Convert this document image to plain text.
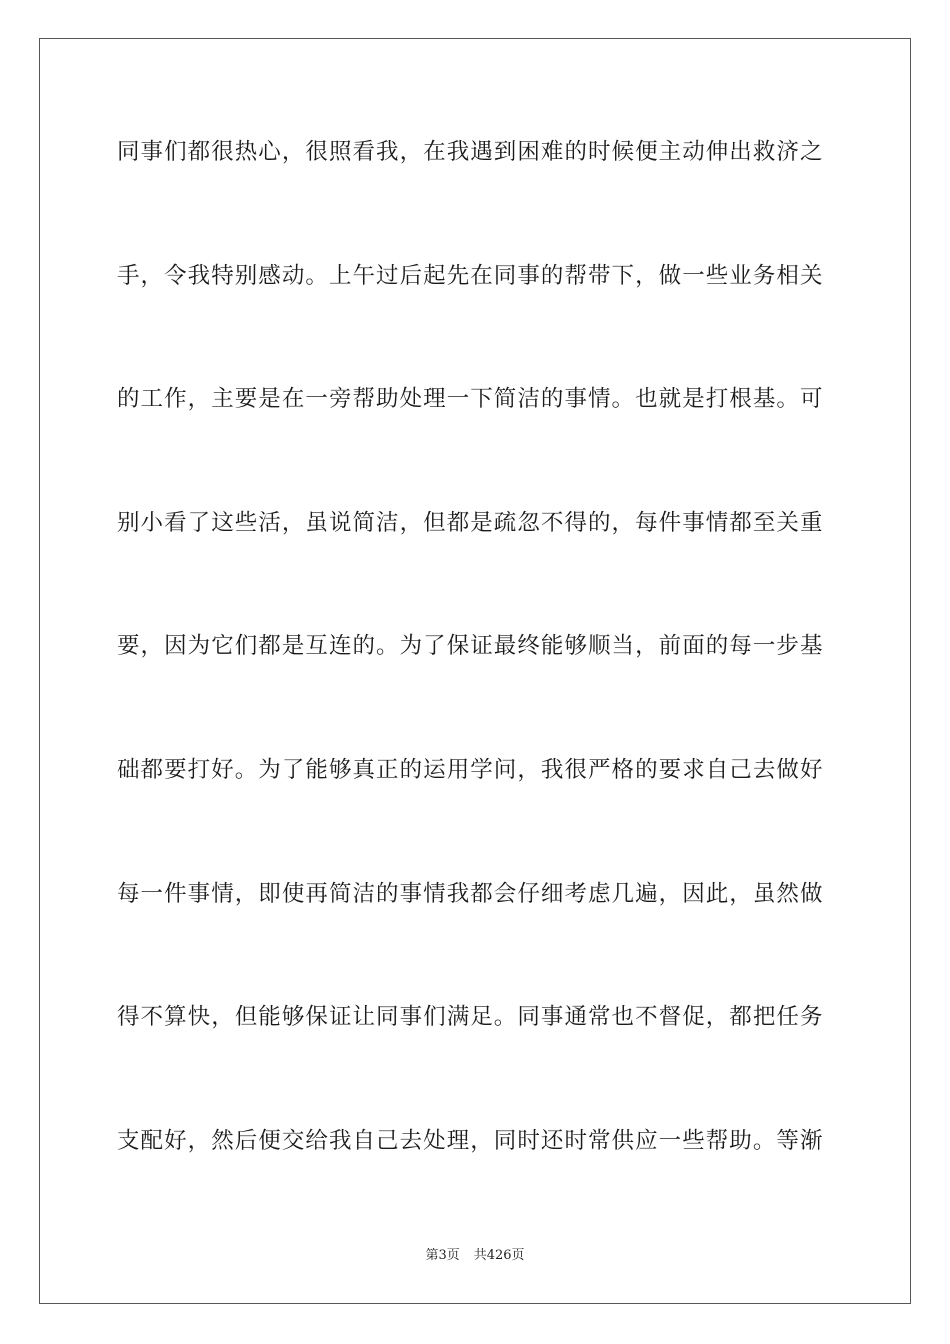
同事们都很热心，很照看我，在我遇到困难的时候便主动伸出救济之
手，令我特别感动。上午过后起先在同事的帮带下，做一些业务相关
的工作，主要是在一旁帮助处理一下简洁的事情。也就是打根基。可
别小看了这些活，虽说简洁，但都是疏忽不得的，每件事情都至关重
要，因为它们都是互连的。为了保证最终能够顺当，前面的每一步基
础都要打好。为了能够真正的运用学问，我很严格的要求自己去做好
每一件事情，即使再简洁的事情我都会仔细考虑几遍，因此，虽然做
得不算快，但能够保证让同事们满足。同事通常也不督促，都把任务
支配好，然后便交给我自己去处理，同时还时常供应一些帮助。等渐
第3页 共426页
